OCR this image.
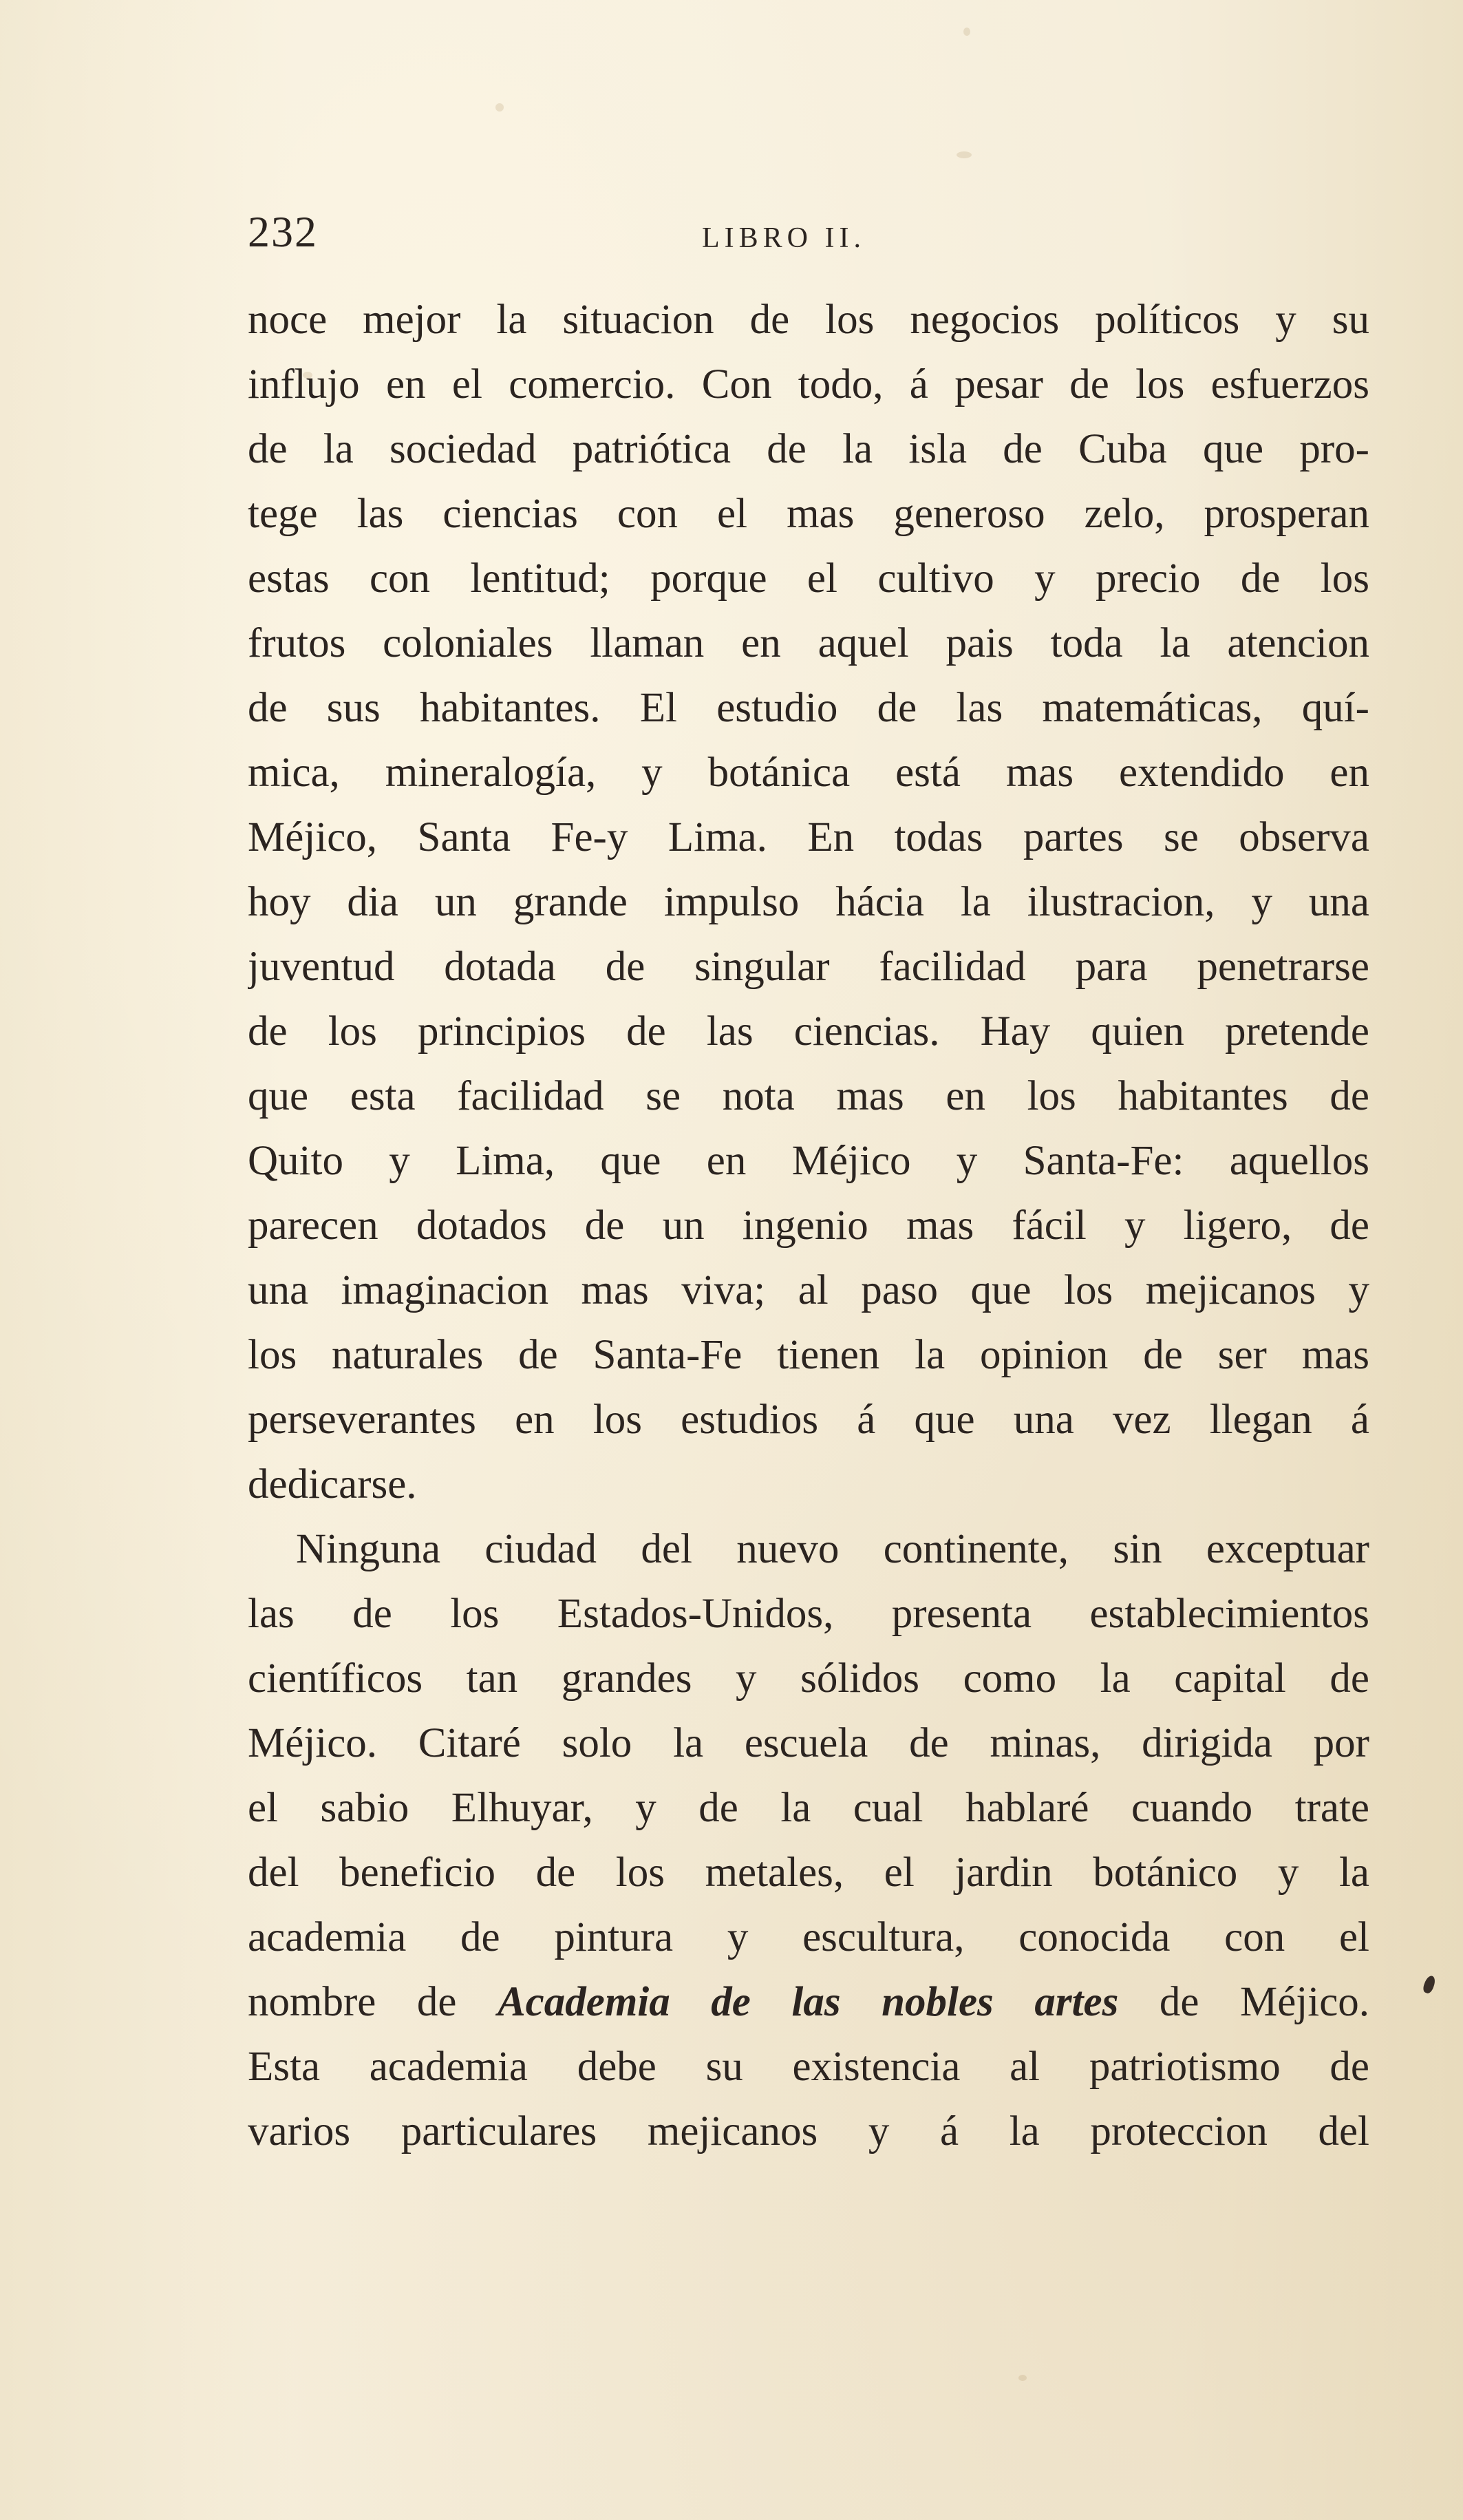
232	LIBRO II.
noce mejor la situacion de los negocios políticos y su
influjo en el comercio. Con todo, á pesar de los esfuerzos
de la sociedad patriótica de la isla de Cuba que pro-
tege las ciencias con el mas generoso zelo, prosperan
estas con lentitud; porque el cultivo y precio de los
frutos coloniales llaman en aquel pais toda la atencion
de sus habitantes. El estudio de las matemáticas, quí-
mica, mineralogía, y botánica está mas extendido en
Méjico, Santa Fe-y Lima. En todas partes se observa
hoy dia un grande impulso hácia la ilustracion, y una
juventud dotada de singular facilidad para penetrarse
de los principios de las ciencias. Hay quien pretende
que esta facilidad se nota mas en los habitantes de
Quito y Lima, que en Méjico y Santa-Fe: aquellos
parecen dotados de un ingenio mas fácil y ligero, de
una imaginacion mas viva; al paso que los mejicanos y
los naturales de Santa-Fe tienen la opinion de ser mas
perseverantes en los estudios á que una vez llegan á
dedicarse.
Ninguna ciudad del nuevo continente, sin exceptuar
las de los Estados-Unidos, presenta establecimientos
científicos tan grandes y sólidos como la capital de
Méjico. Citaré solo la escuela de minas, dirigida por
el sabio Elhuyar, y de la cual hablaré cuando trate
del beneficio de los metales, el jardin botánico y la
academia de pintura y escultura, conocida con el
nombre de Academia de las nobles artes de Méjico.
Esta academia debe su existencia al patriotismo de
varios particulares mejicanos y á la proteccion del
